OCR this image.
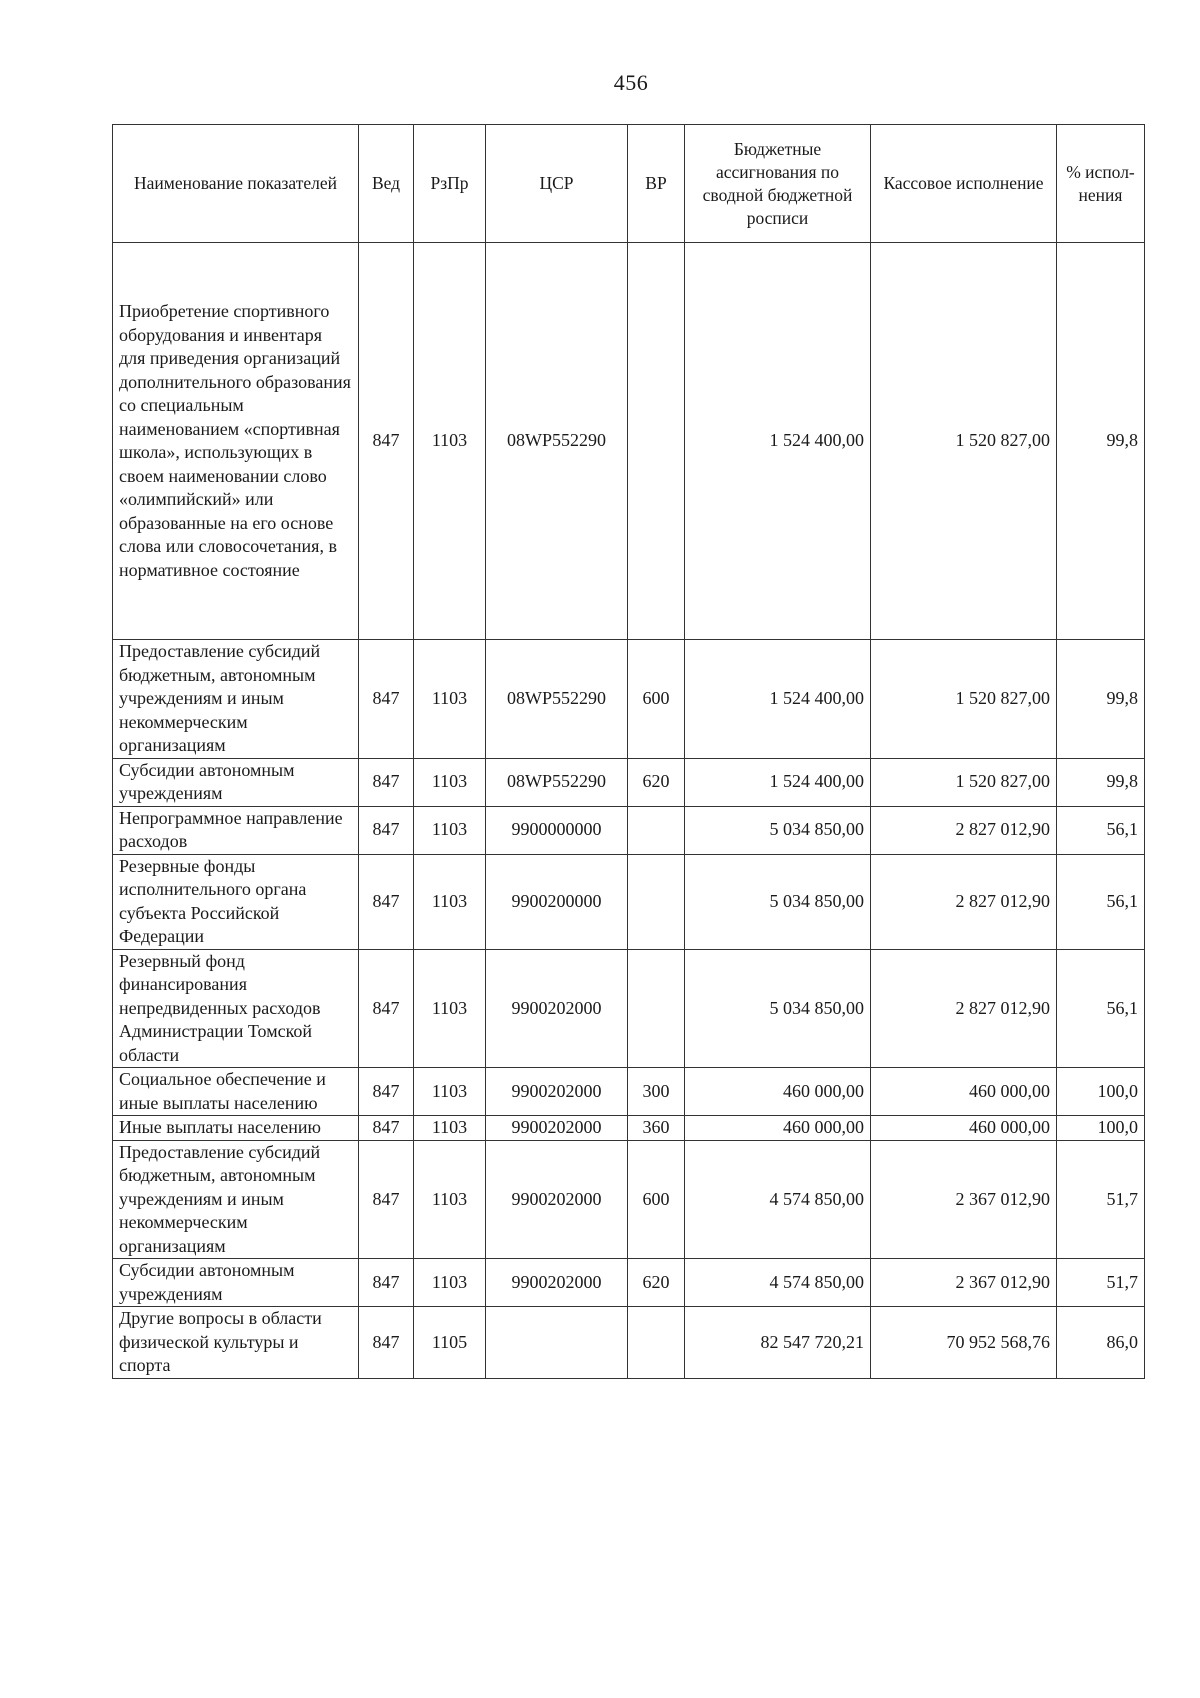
456
Наименование показателей	Вед	РзПр	ЦСР	ВР	Бюджетные ассигнования по сводной бюджетной росписи	Кассовое исполнение	% испол-нения
Приобретение спортивного оборудования и инвентаря для приведения организаций дополнительного образования со специальным наименованием «спортивная школа», использующих в своем наименовании слово «олимпийский» или образованные на его основе слова или словосочетания, в нормативное состояние	847	1103	08WP552290		1 524 400,00	1 520 827,00	99,8
Предоставление субсидий бюджетным, автономным учреждениям и иным некоммерческим организациям	847	1103	08WP552290	600	1 524 400,00	1 520 827,00	99,8
Субсидии автономным учреждениям	847	1103	08WP552290	620	1 524 400,00	1 520 827,00	99,8
Непрограммное направление расходов	847	1103	9900000000		5 034 850,00	2 827 012,90	56,1
Резервные фонды исполнительного органа субъекта Российской Федерации	847	1103	9900200000		5 034 850,00	2 827 012,90	56,1
Резервный фонд финансирования непредвиденных расходов Администрации Томской области	847	1103	9900202000		5 034 850,00	2 827 012,90	56,1
Социальное обеспечение и иные выплаты населению	847	1103	9900202000	300	460 000,00	460 000,00	100,0
Иные выплаты населению	847	1103	9900202000	360	460 000,00	460 000,00	100,0
Предоставление субсидий бюджетным, автономным учреждениям и иным некоммерческим организациям	847	1103	9900202000	600	4 574 850,00	2 367 012,90	51,7
Субсидии автономным учреждениям	847	1103	9900202000	620	4 574 850,00	2 367 012,90	51,7
Другие вопросы в области физической культуры и спорта	847	1105			82 547 720,21	70 952 568,76	86,0
